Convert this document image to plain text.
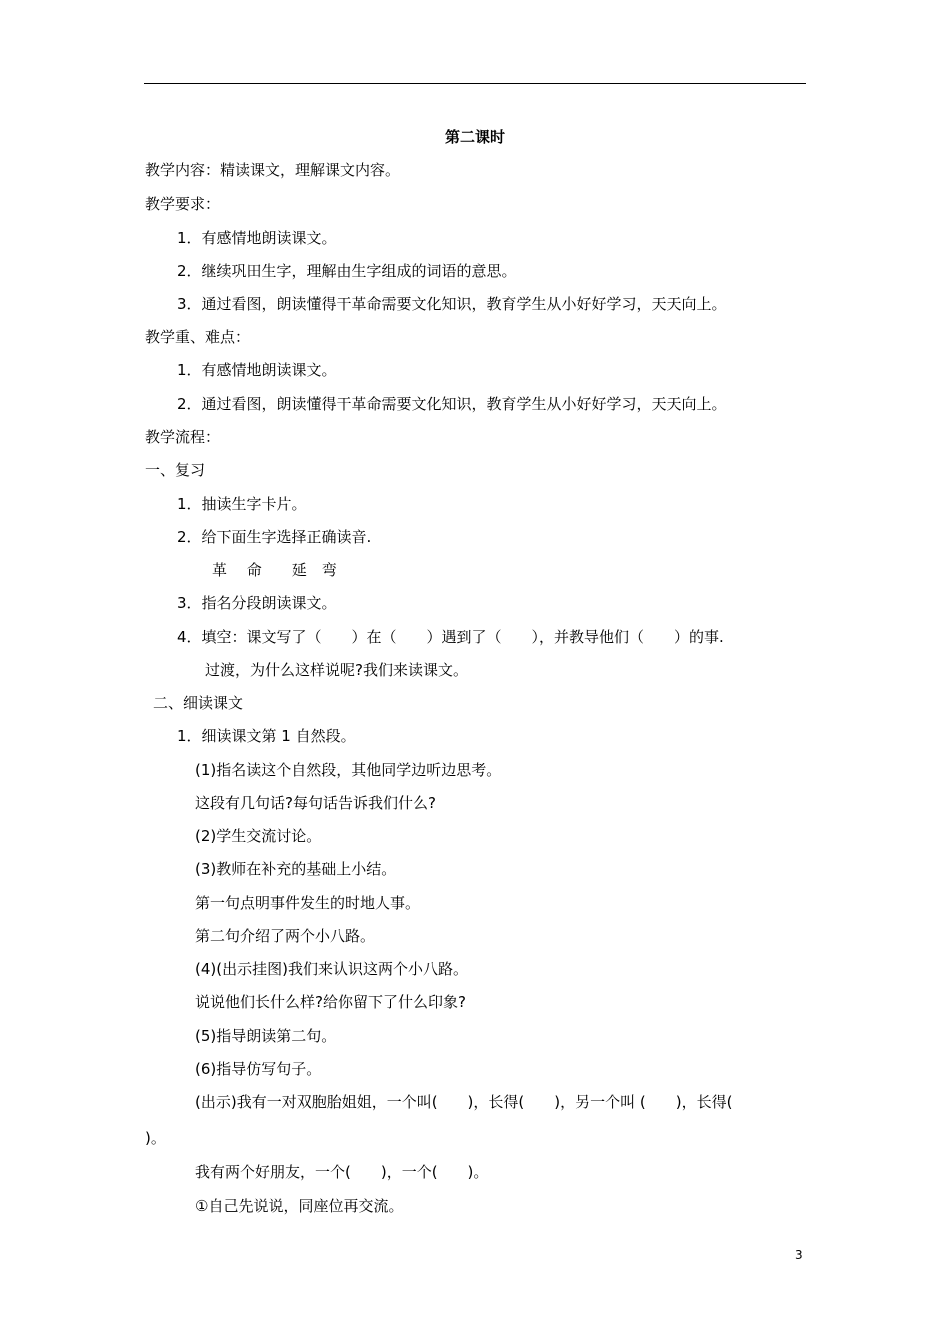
第二课时
教学内容：精读课文，理解课文内容。
教学要求：
1．有感情地朗读课文。
2．继续巩田生字，理解由生字组成的词语的意思。
3．通过看图，朗读懂得干革命需要文化知识，教育学生从小好好学习，天天向上。
教学重、难点：
1．有感情地朗读课文。
2．通过看图，朗读懂得干革命需要文化知识，教育学生从小好好学习，天天向上。
教学流程：
一、复习
1．抽读生字卡片。
2．给下面生字选择正确读音.
革　 命　　延　弯
3．指名分段朗读课文。
4．填空：课文写了（　　）在（　　）遇到了（　　），并教导他们（　　）的事.
过渡，为什么这样说呢?我们来读课文。
二、细读课文
1．细读课文第 1 自然段。
(1)指名读这个自然段，其他同学边听边思考。
这段有几句话?每句话告诉我们什么?
(2)学生交流讨论。
(3)教师在补充的基础上小结。
第一句点明事件发生的时地人事。
第二句介绍了两个小八路。
(4)(出示挂图)我们来认识这两个小八路。
说说他们长什么样?给你留下了什么印象?
(5)指导朗读第二句。
(6)指导仿写句子。
(出示)我有一对双胞胎姐姐，一个叫(　　)，长得(　　)，另一个叫 (　　)，长得(
)。
我有两个好朋友，一个(　　)，一个(　　)。
①自己先说说，同座位再交流。
3
